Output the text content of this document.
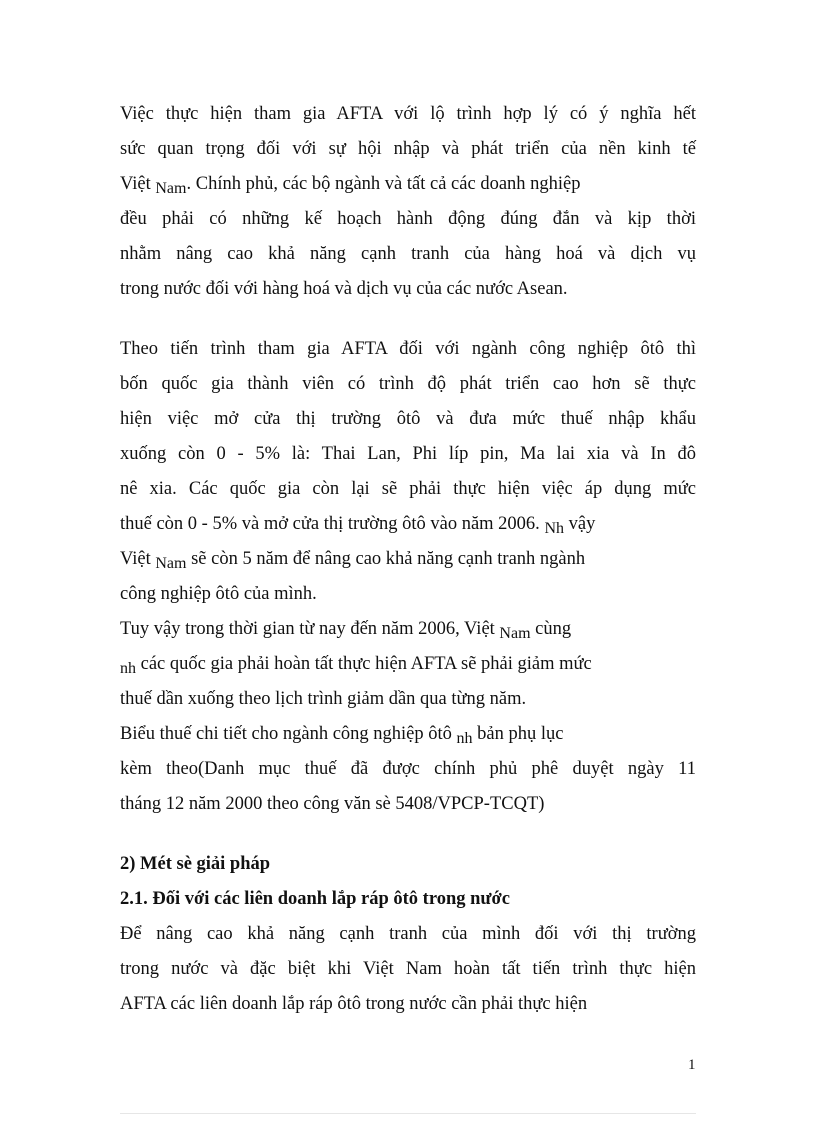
Việc thực hiện tham gia AFTA với lộ trình hợp lý có ý nghĩa hết
sức quan trọng đối với sự hội nhập và phát triển của nền kinh tế
Việt Nam. Chính phủ, các bộ ngành và tất cả các doanh nghiệp
đều phải có những kế hoạch hành động đúng đắn và kịp thời
nhằm nâng cao khả năng cạnh tranh của hàng hoá và dịch vụ
trong nước đối với hàng hoá và dịch vụ của các nước Asean.
Theo tiến trình tham gia AFTA đối với ngành công nghiệp ôtô thì
bốn quốc gia thành viên có trình độ phát triển cao hơn sẽ thực
hiện việc mở cửa thị trường ôtô và đưa mức thuế nhập khẩu
xuống còn 0 - 5% là: Thai Lan, Phi líp pin, Ma lai xia và In đô
nê xia. Các quốc gia còn lại sẽ phải thực hiện việc áp dụng mức
thuế còn 0 - 5% và mở cửa thị trường ôtô vào năm 2006. Nh vậy
Việt Nam sẽ còn 5 năm để nâng cao khả năng cạnh tranh ngành
công nghiệp ôtô của mình.
Tuy vậy trong thời gian từ nay đến năm 2006, Việt Nam cùng
nh các quốc gia phải hoàn tất thực hiện AFTA sẽ phải giảm mức
thuế dần xuống theo lịch trình giảm dần qua từng năm.
Biểu thuế chi tiết cho ngành công nghiệp ôtô nh bản phụ lục
kèm theo(Danh mục thuế đã được chính phủ phê duyệt ngày 11
tháng 12 năm 2000 theo công văn sè 5408/VPCP-TCQT)
2) Mét sè giải pháp
2.1. Đối với các liên doanh lắp ráp ôtô trong nước
Để nâng cao khả năng cạnh tranh của mình đối với thị trường
trong nước và đặc biệt khi Việt Nam hoàn tất tiến trình thực hiện
AFTA các liên doanh lắp ráp ôtô trong nước cần phải thực hiện
1
